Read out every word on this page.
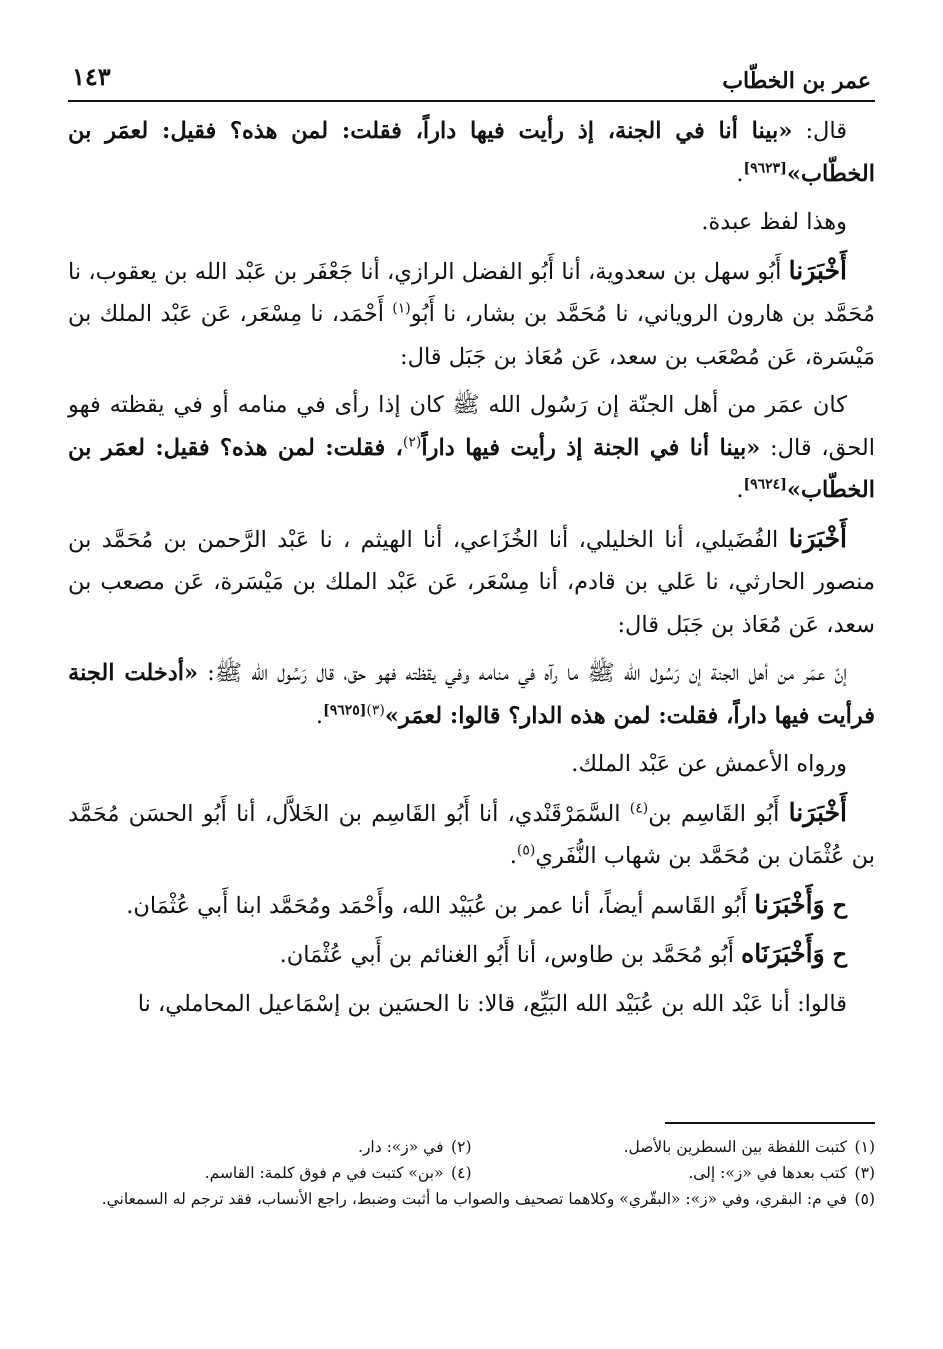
عمر بن الخطّاب
١٤٣

قال: «بينا أنا في الجنة، إذ رأيت فيها داراً، فقلت: لمن هذه؟ فقيل: لعمَر بن الخطّاب»[٩٦٢٣].

وهذا لفظ عبدة.

أَخْبَرَنا أَبُو سهل بن سعدوية، أنا أَبُو الفضل الرازي، أنا جَعْفَر بن عَبْد الله بن يعقوب، نا مُحَمَّد بن هارون الروياني، نا مُحَمَّد بن بشار، نا أَبُو$^{(١)}$ أَحْمَد، نا مِسْعَر، عَن عَبْد الملك بن مَيْسَرة، عَن مُصْعَب بن سعد، عَن مُعَاذ بن جَبَل قال:

كان عمَر من أهل الجنّة إن رَسُول الله ﷺ كان إذا رأى في منامه أو في يقظته فهو الحق، قال: «بينا أنا في الجنة إذ رأيت فيها داراً$^{(٢)}$، فقلت: لمن هذه؟ فقيل: لعمَر بن الخطّاب»[٩٦٢٤].

أَخْبَرَنا الفُضَيلي، أنا الخليلي، أنا الخُزَاعي، أنا الهيثم ، نا عَبْد الرَّحمن بن مُحَمَّد بن منصور الحارثي، نا عَلي بن قادم، أنا مِسْعَر، عَن عَبْد الملك بن مَيْسَرة، عَن مصعب بن سعد، عَن مُعَاذ بن جَبَل قال:

إنّ عمَر من أهل الجنة إن رَسُول الله ﷺ ما رآه في منامه وفي يقظته فهو حق، قال رَسُول الله ﷺ: «أدخلت الجنة فرأيت فيها داراً، فقلت: لمن هذه الدار؟ قالوا: لعمَر»$^{(٣)[٩٦٢٥]}$.

ورواه الأعمش عن عَبْد الملك.

أَخْبَرَنا أَبُو القَاسِم بن$^{(٤)}$ السَّمَرْقَنْدي، أنا أَبُو القَاسِم بن الخَلاَّل، أنا أَبُو الحسَن مُحَمَّد بن عُثْمَان بن مُحَمَّد بن شهاب النُّفَري$^{(٥)}$.

ح وَأَخْبَرَنا أَبُو القَاسم أيضاً، أنا عمر بن عُبَيْد الله، وأَحْمَد ومُحَمَّد ابنا أَبي عُثْمَان.

ح وَأَخْبَرَنَاه أَبُو مُحَمَّد بن طاوس، أنا أَبُو الغنائم بن أَبي عُثْمَان.

قالوا: أنا عَبْد الله بن عُبَيْد الله البَيِّع، قالا: نا الحسَين بن إسْمَاعيل المحاملي، نا

(١)
كتبت اللفظة بين السطرين بالأصل.
(٢)
في «ز»: دار.
(٣)
كتب بعدها في «ز»: إلى.
(٤)
«بن» كتبت في م فوق كلمة: القاسم.
(٥)
في م: البقري، وفي «ز»: «البقّري» وكلاهما تصحيف والصواب ما أثبت وضبط، راجع الأنساب، فقد ترجم له السمعاني.
